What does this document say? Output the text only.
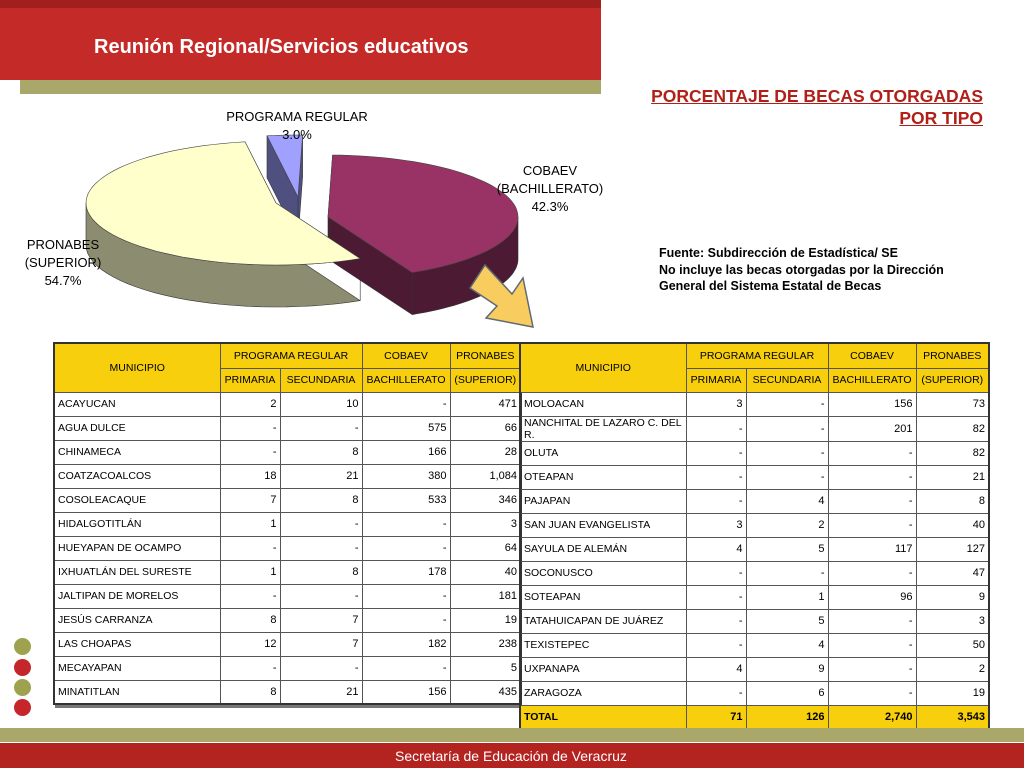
Reunión Regional/Servicios educativos
PORCENTAJE DE BECAS OTORGADAS
POR TIPO
PROGRAMA REGULAR
3.0%
COBAEV
(BACHILLERATO)
42.3%
PRONABES
(SUPERIOR)
54.7%
Fuente: Subdirección de Estadística/ SE
No incluye las becas otorgadas por la Dirección
General del Sistema Estatal de Becas
MUNICIPIO	PROGRAMA REGULAR		COBAEV	PRONABES
	PRIMARIA	SECUNDARIA	BACHILLERATO	(SUPERIOR)
ACAYUCAN	2	10	-	471
AGUA DULCE	-	-	575	66
CHINAMECA	-	8	166	28
COATZACOALCOS	18	21	380	1,084
COSOLEACAQUE	7	8	533	346
HIDALGOTITLÁN	1	-	-	3
HUEYAPAN DE OCAMPO	-	-	-	64
IXHUATLÁN DEL SURESTE	1	8	178	40
JALTIPAN DE MORELOS	-	-	-	181
JESÚS CARRANZA	8	7	-	19
LAS CHOAPAS	12	7	182	238
MECAYAPAN	-	-	-	5
MINATITLAN	8	21	156	435
MUNICIPIO	PROGRAMA REGULAR		COBAEV	PRONABES
	PRIMARIA	SECUNDARIA	BACHILLERATO	(SUPERIOR)
MOLOACAN	3	-	156	73
NANCHITAL DE LAZARO C. DEL R.	-	-	201	82
OLUTA	-	-	-	82
OTEAPAN	-	-	-	21
PAJAPAN	-	4	-	8
SAN JUAN EVANGELISTA	3	2	-	40
SAYULA DE ALEMÁN	4	5	117	127
SOCONUSCO	-	-	-	47
SOTEAPAN	-	1	96	9
TATAHUICAPAN DE JUÁREZ	-	5	-	3
TEXISTEPEC	-	4	-	50
UXPANAPA	4	9	-	2
ZARAGOZA	-	6	-	19
TOTAL	71	126	2,740	3,543
Secretaría de Educación de Veracruz
